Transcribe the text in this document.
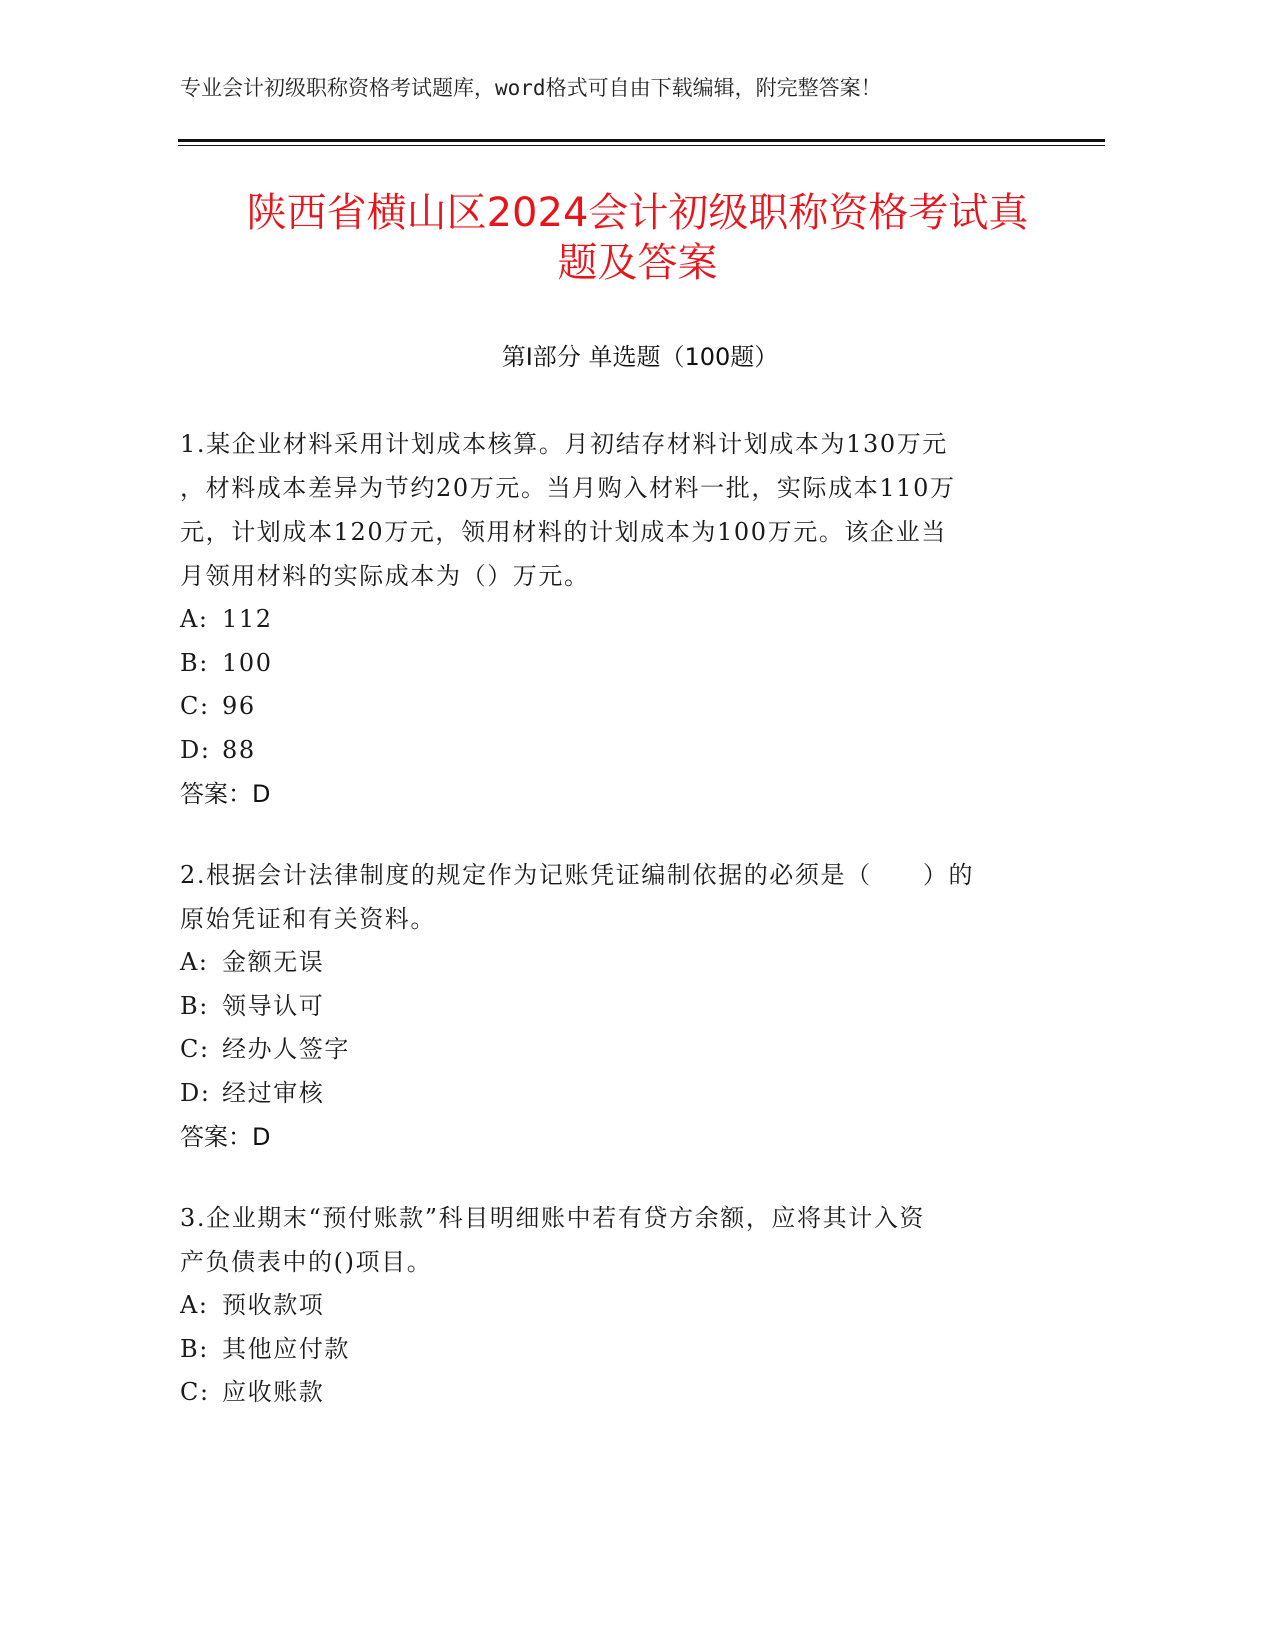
专业会计初级职称资格考试题库，word格式可自由下载编辑，附完整答案！
陕西省横山区2024会计初级职称资格考试真
题及答案
第Ⅰ部分 单选题（100题）

1.某企业材料采用计划成本核算。月初结存材料计划成本为130万元
，材料成本差异为节约20万元。当月购入材料一批，实际成本110万
元，计划成本120万元，领用材料的计划成本为100万元。该企业当
月领用材料的实际成本为（）万元。

A: 112
B: 100
C: 96
D: 88
答案：D

2.根据会计法律制度的规定作为记账凭证编制依据的必须是（　　）的
原始凭证和有关资料。

A: 金额无误
B: 领导认可
C: 经办人签字
D: 经过审核
答案：D

3.企业期末“预付账款”科目明细账中若有贷方余额，应将其计入资
产负债表中的()项目。

A: 预收款项
B: 其他应付款
C: 应收账款
